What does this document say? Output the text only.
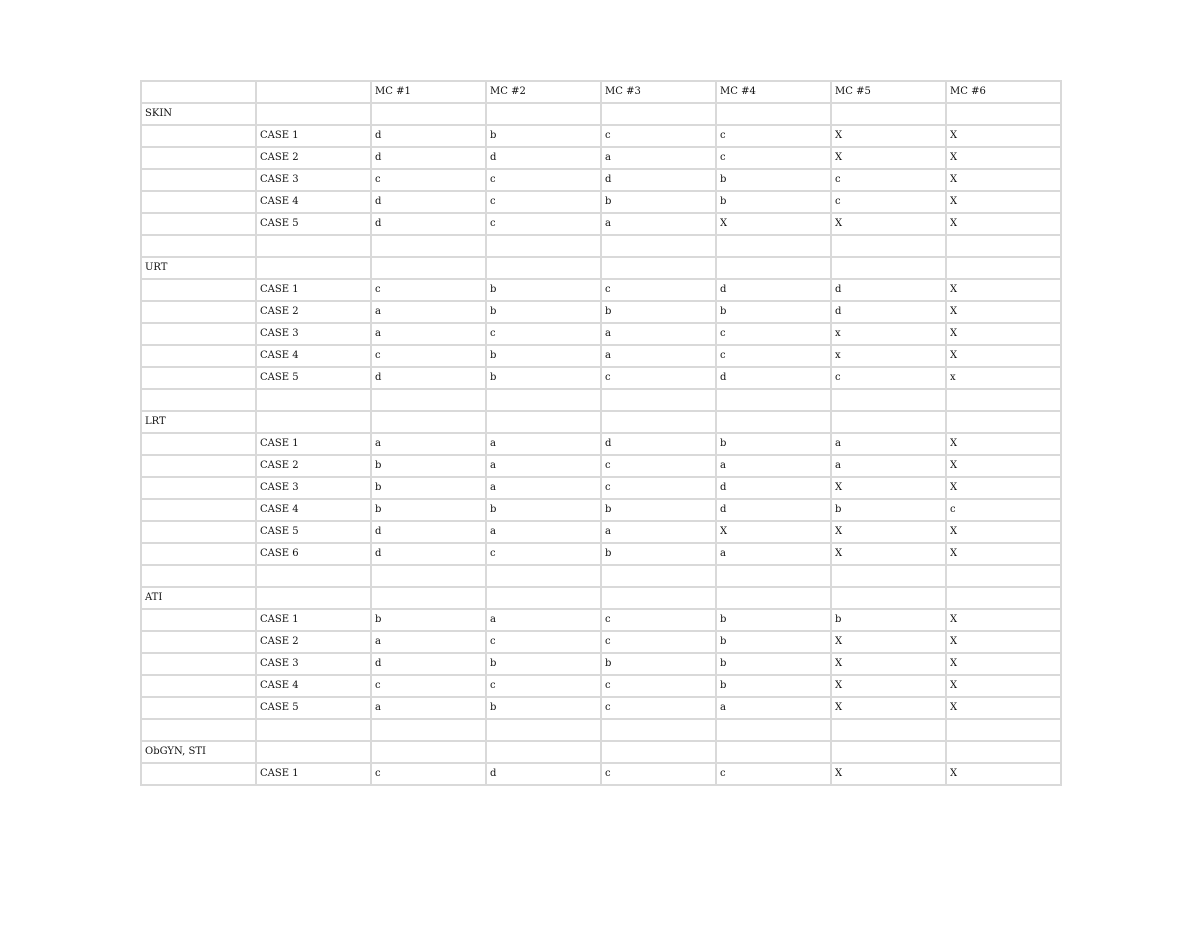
		MC #1	MC #2	MC #3	MC #4	MC #5	MC #6
SKIN							
	CASE 1	d	b	c	c	X	X
	CASE 2	d	d	a	c	X	X
	CASE 3	c	c	d	b	c	X
	CASE 4	d	c	b	b	c	X
	CASE 5	d	c	a	X	X	X

URT							
	CASE 1	c	b	c	d	d	X
	CASE 2	a	b	b	b	d	X
	CASE 3	a	c	a	c	x	X
	CASE 4	c	b	a	c	x	X
	CASE 5	d	b	c	d	c	x

LRT							
	CASE 1	a	a	d	b	a	X
	CASE 2	b	a	c	a	a	X
	CASE 3	b	a	c	d	X	X
	CASE 4	b	b	b	d	b	c
	CASE 5	d	a	a	X	X	X
	CASE 6	d	c	b	a	X	X

ATI							
	CASE 1	b	a	c	b	b	X
	CASE 2	a	c	c	b	X	X
	CASE 3	d	b	b	b	X	X
	CASE 4	c	c	c	b	X	X
	CASE 5	a	b	c	a	X	X

ObGYN, STI							
	CASE 1	c	d	c	c	X	X
